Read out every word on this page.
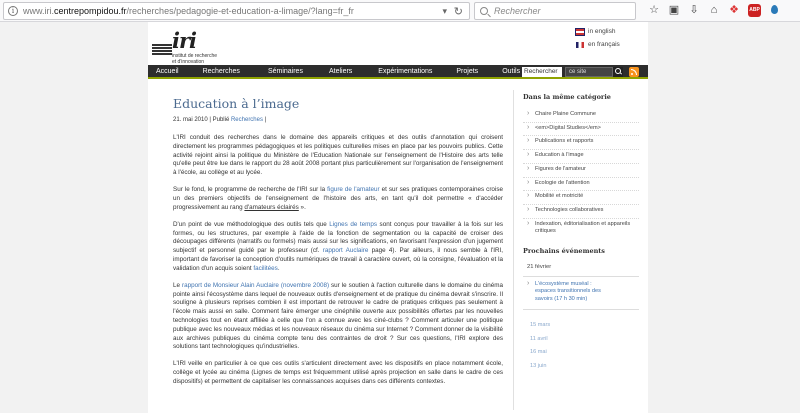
i www.iri.centrepompidou.fr/recherches/pedagogie-et-education-a-limage/?lang=fr_fr	▾ ↻	Rechercher	☆ ▣ ⇩ ⌂ ❖ ABP
iri
institut de recherche
et d'innovation
in english
en français
Accueil	Recherches	Séminaires	Ateliers	Expérimentations	Projets	Outils Rechercher	ce site
Education à l’image
21. mai 2010 | Publié Recherches |

L'IRI conduit des recherches dans le domaine des appareils critiques et des outils d'annotation qui croisent directement les programmes pédagogiques et les politiques culturelles mises en place par les pouvoirs publics. Cette activité rejoint ainsi la politique du Ministère de l'Education Nationale sur l'enseignement de l'Histoire des arts telle qu'elle peut être lue dans le rapport du 28 août 2008 portant plus particulièrement sur l'organisation de l'enseignement à l'école, au collège et au lycée.

Sur le fond, le programme de recherche de l'IRI sur la figure de l'amateur et sur ses pratiques contemporaines croise un des premiers objectifs de l'enseignement de l'histoire des arts, en tant qu'il doit permettre « d'accéder progressivement au rang d'amateurs éclairés ».

D'un point de vue méthodologique des outils tels que Lignes de temps sont conçus pour travailler à la fois sur les formes, ou les structures, par exemple à l'aide de la fonction de segmentation ou la capacité de croiser des découpages différents (narratifs ou formels) mais aussi sur les significations, en favorisant l'expression d'un jugement subjectif et personnel guidé par le professeur (cf. rapport Auclaire page 4). Par ailleurs, il nous semble à l'IRI, important de favoriser la conception d'outils numériques de travail à caractère ouvert, où la consigne, l'évaluation et la validation d'un acquis soient facilitées.

Le rapport de Monsieur Alain Auclaire (novembre 2008) sur le soutien à l'action culturelle dans le domaine du cinéma pointe ainsi l'écosystème dans lequel de nouveaux outils d'enseignement et de pratique du cinéma devrait s'inscrire. Il souligne à plusieurs reprises combien il est important de retrouver le cadre de pratiques critiques pas seulement à l'école mais aussi en salle. Comment faire émerger une cinéphilie ouverte aux possibilités offertes par les nouvelles technologies tout en étant affiliée à celle que l'on a connue avec les ciné-clubs ? Comment articuler une politique publique avec les nouveaux médias et les nouveaux réseaux du cinéma sur Internet ? Comment donner de la visibilité aux archives publiques du cinéma compte tenu des contraintes de droit ? Sur ces questions, l'IRI explore des solutions tant technologiques qu'industrielles.

L'IRI veille en particulier à ce que ces outils s'articulent directement avec les dispositifs en place notamment école, collège et lycée au cinéma (Lignes de temps est fréquemment utilisé après projection en salle dans le cadre de ces dispositifs) et permettent de capitaliser les connaissances acquises dans ces différents contextes.

Dans la même catégorie
› Chaire Plaine Commune
› <em>Digital Studies</em>
› Publications et rapports
› Education à l'image
› Figures de l'amateur
› Ecologie de l'attention
› Mobilité et motricité
› Technologies collaboratives
› Indexation, éditorialisation et appareils critiques
Prochains événements
21 février
› L'écosystème muséal :
espaces transitionnels des
savoirs (17 h 30 min)
15 mars
11 avril
16 mai
13 juin
